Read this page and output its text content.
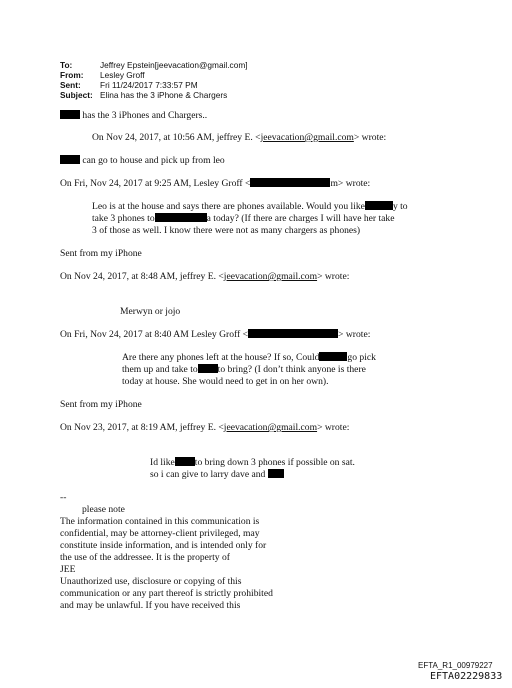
To:	Jeffrey Epstein[jeevacation@gmail.com]
From: Lesley Groff
Sent: Fri 11/24/2017 7:33:57 PM
Subject: Elina has the 3 iPhone & Chargers
has the 3 iPhones and Chargers..
On Nov 24, 2017, at 10:56 AM, jeffrey E. <jeevacation@gmail.com> wrote:
can go to house and pick up from leo
On Fri, Nov 24, 2017 at 9:25 AM, Lesley Groff <	m> wrote:
Leo is at the house and says there are phones available. Would you like	y to
take 3 phones to	a today? (If there are charges I will have her take
3 of those as well. I know there were not as many chargers as phones)
Sent from my iPhone
On Nov 24, 2017, at 8:48 AM, jeffrey E. <jeevacation@gmail.com> wrote:
Merwyn or jojo
On Fri, Nov 24, 2017 at 8:40 AM Lesley Groff <	> wrote:
Are there any phones left at the house? If so, Could	go pick
them up and take to to bring? (I don’t think anyone is there
today at house. She would need to get in on her own).
Sent from my iPhone
On Nov 23, 2017, at 8:19 AM, jeffrey E. <jeevacation@gmail.com> wrote:
Id like to bring down 3 phones if possible on sat.
so i can give to larry dave and
--
please note
The information contained in this communication is
confidential, may be attorney-client privileged, may
constitute inside information, and is intended only for
the use of the addressee. It is the property of
JEE
Unauthorized use, disclosure or copying of this
communication or any part thereof is strictly prohibited
and may be unlawful. If you have received this
EFTA_R1_00979227
EFTA02229833
